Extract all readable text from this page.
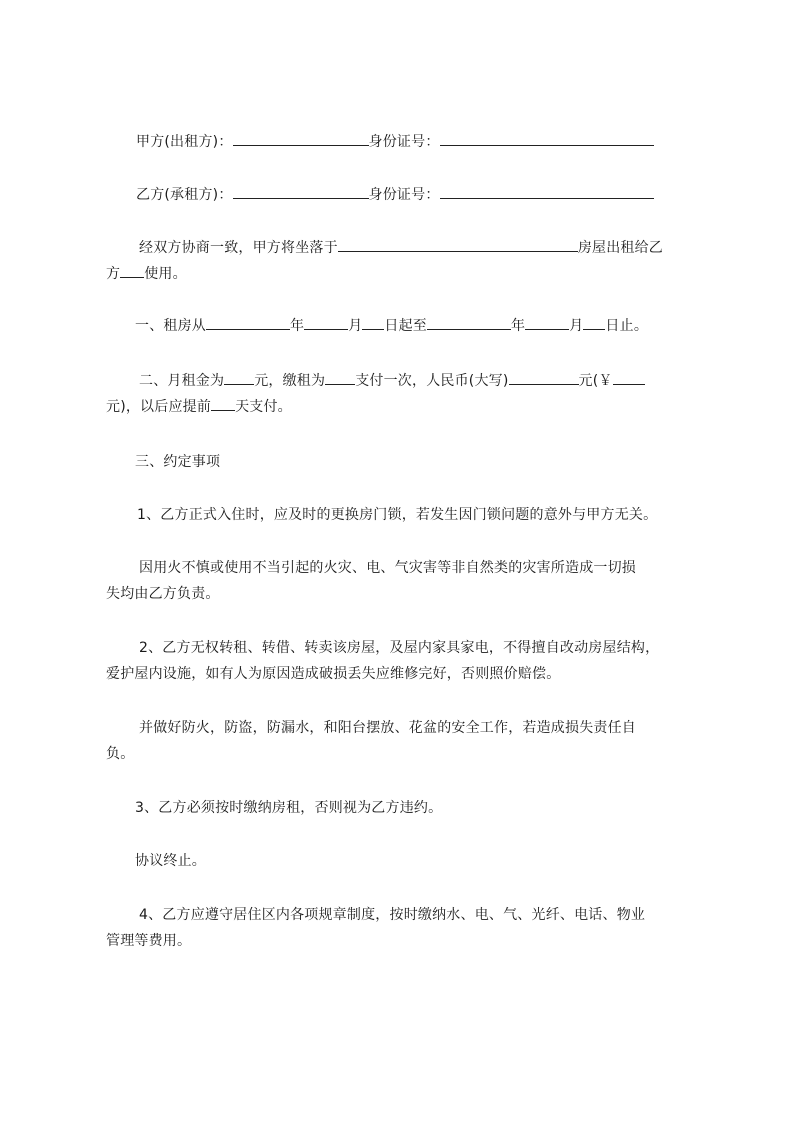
甲方(出租方)：	身份证号：
乙方(承租方)：	身份证号：
经双方协商一致，甲方将坐落于	房屋出租给乙
方 使用。
一、租房从	年	月 日起至	年	月 日止。
二、月租金为 元，缴租为 支付一次，人民币(大写)	元(￥
元)，以后应提前 天支付。
三、约定事项
1、乙方正式入住时，应及时的更换房门锁，若发生因门锁问题的意外与甲方无关。
因用火不慎或使用不当引起的火灾、电、气灾害等非自然类的灾害所造成一切损
失均由乙方负责。
2、乙方无权转租、转借、转卖该房屋，及屋内家具家电，不得擅自改动房屋结构，
爱护屋内设施，如有人为原因造成破损丢失应维修完好，否则照价赔偿。
并做好防火，防盗，防漏水，和阳台摆放、花盆的安全工作，若造成损失责任自
负。
3、乙方必须按时缴纳房租，否则视为乙方违约。
协议终止。
4、乙方应遵守居住区内各项规章制度，按时缴纳水、电、气、光纤、电话、物业
管理等费用。
